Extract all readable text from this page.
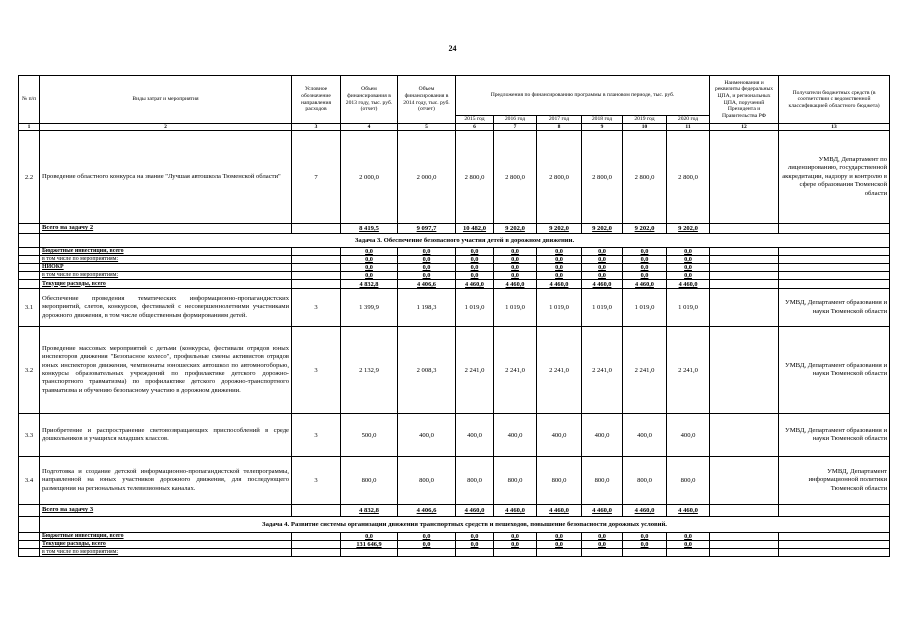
24
№ п/п	Виды затрат и мероприятия	Условное обозначение направления расходов	Объем финансирования в 2013 году, тыс. руб. (отчет)	Объем финансирования в 2014 году, тыс. руб. (отчет)	Предложения по финансированию программы в плановом периоде, тыс. руб.						Наименования и реквизиты федеральных ЦПА, и региональных ЦПА, поручений Президента и Правительства РФ	Получатели бюджетных средств (в соответствии с ведомственной классификацией областного бюджета)
					2015 год	2016 год	2017 год	2018 год	2019 год	2020 год		
1	2	3	4	5	6	7	8	9	10	11	12	13
2.2	Проведение областного конкурса на звание "Лучшая автошкола Тюменской области"	7	2 000,0	2 000,0	2 800,0	2 800,0	2 800,0	2 800,0	2 800,0	2 800,0		УМВД, Департамент по лицензированию, государственной аккредитации, надзору и контролю в сфере образования Тюменской области
	Всего на задачу 2		8 419,5	9 097,7	10 482,0	9 202,0	9 202,0	9 202,0	9 202,0	9 202,0		
	Задача 3. Обеспечение безопасного участия детей в дорожном движении.											
	Бюджетные инвестиции, всего		0,0	0,0	0,0	0,0	0,0	0,0	0,0	0,0		
	в том числе по мероприятиям:		0,0	0,0	0,0	0,0	0,0	0,0	0,0	0,0		
	НИОКР		0,0	0,0	0,0	0,0	0,0	0,0	0,0	0,0		
	в том числе по мероприятиям:		0,0	0,0	0,0	0,0	0,0	0,0	0,0	0,0		
	Текущие расходы, всего		4 832,8	4 406,6	4 460,0	4 460,0	4 460,0	4 460,0	4 460,0	4 460,0		
3.1	Обеспечение проведения тематических информационно-пропагандистских мероприятий, слетов, конкурсов, фестивалей с несовершеннолетними участниками дорожного движения, в том числе общественным формированиям детей.	3	1 399,9	1 198,3	1 019,0	1 019,0	1 019,0	1 019,0	1 019,0	1 019,0		УМВД, Департамент образования и науки Тюменской области
3.2	Проведение массовых мероприятий с детьми (конкурсы, фестивали отрядов юных инспекторов движения "Безопасное колесо", профильные смены активистов отрядов юных инспекторов движения, чемпионаты юношеских автошкол по автомногоборью, конкурсы образовательных учреждений по профилактике детского дорожно-транспортного травматизма) по профилактике детского дорожно-транспортного травматизма и обучению безопасному участию в дорожном движении.	3	2 132,9	2 008,3	2 241,0	2 241,0	2 241,0	2 241,0	2 241,0	2 241,0		УМВД, Департамент образования и науки Тюменской области
3.3	Приобретение и распространение световозвращающих приспособлений в среде дошкольников и учащихся младших классов.	3	500,0	400,0	400,0	400,0	400,0	400,0	400,0	400,0		УМВД, Департамент образования и науки Тюменской области
3.4	Подготовка и создание детской информационно-пропагандистской телепрограммы, направленной на юных участников дорожного движения, для последующего размещения на региональных телевизионных каналах.	3	800,0	800,0	800,0	800,0	800,0	800,0	800,0	800,0		УМВД, Департамент информационной политики Тюменской области
	Всего на задачу 3		4 832,8	4 406,6	4 460,0	4 460,0	4 460,0	4 460,0	4 460,0	4 460,0		
	Задача 4. Развитие системы организации движения транспортных средств и пешеходов, повышение безопасности дорожных условий.											
	Бюджетные инвестиции, всего		0,0	0,0	0,0	0,0	0,0	0,0	0,0	0,0		
	Текущие расходы, всего		131 646,9	0,0	0,0	0,0	0,0	0,0	0,0	0,0		
	в том числе по мероприятиям:											
